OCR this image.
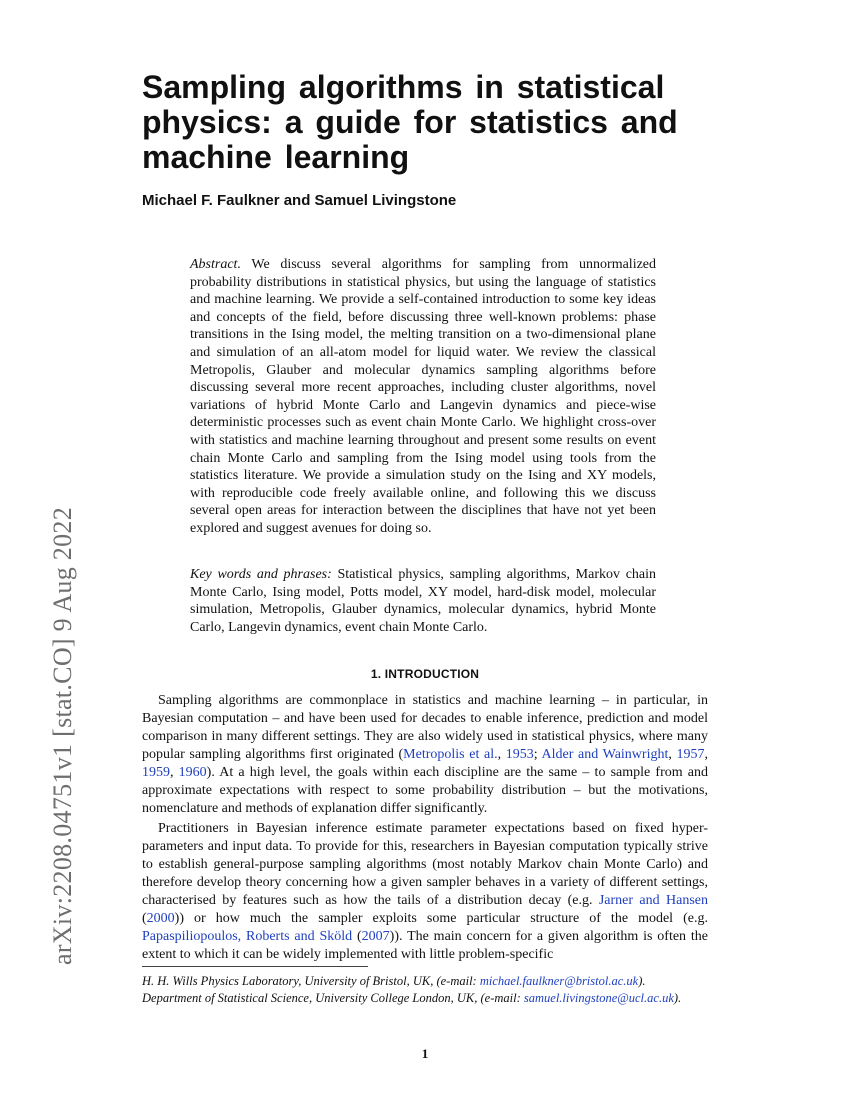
arXiv:2208.04751v1 [stat.CO] 9 Aug 2022
Sampling algorithms in statistical physics: a guide for statistics and machine learning

Michael F. Faulkner and Samuel Livingstone

Abstract. We discuss several algorithms for sampling from unnormalized probability distributions in statistical physics, but using the language of statistics and machine learning. We provide a self-contained introduction to some key ideas and concepts of the field, before discussing three well-known problems: phase transitions in the Ising model, the melting transition on a two-dimensional plane and simulation of an all-atom model for liquid water. We review the classical Metropolis, Glauber and molecular dynamics sampling algorithms before discussing several more recent approaches, including cluster algorithms, novel variations of hybrid Monte Carlo and Langevin dynamics and piece-wise deterministic processes such as event chain Monte Carlo. We highlight cross-over with statistics and machine learning throughout and present some results on event chain Monte Carlo and sampling from the Ising model using tools from the statistics literature. We provide a simulation study on the Ising and XY models, with reproducible code freely available online, and following this we discuss several open areas for interaction between the disciplines that have not yet been explored and suggest avenues for doing so.

Key words and phrases: Statistical physics, sampling algorithms, Markov chain Monte Carlo, Ising model, Potts model, XY model, hard-disk model, molecular simulation, Metropolis, Glauber dynamics, molecular dynamics, hybrid Monte Carlo, Langevin dynamics, event chain Monte Carlo.

1. INTRODUCTION

Sampling algorithms are commonplace in statistics and machine learning – in particular, in Bayesian computation – and have been used for decades to enable inference, prediction and model comparison in many different settings. They are also widely used in statistical physics, where many popular sampling algorithms first originated (Metropolis et al., 1953; Alder and Wainwright, 1957, 1959, 1960). At a high level, the goals within each discipline are the same – to sample from and approximate expectations with respect to some probability distribution – but the motivations, nomenclature and methods of explanation differ significantly.

Practitioners in Bayesian inference estimate parameter expectations based on fixed hyper-parameters and input data. To provide for this, researchers in Bayesian computation typically strive to establish general-purpose sampling algorithms (most notably Markov chain Monte Carlo) and therefore develop theory concerning how a given sampler behaves in a variety of different settings, characterised by features such as how the tails of a distribution decay (e.g. Jarner and Hansen (2000)) or how much the sampler exploits some particular structure of the model (e.g. Papaspiliopoulos, Roberts and Sköld (2007)). The main concern for a given algorithm is often the extent to which it can be widely implemented with little problem-specific

H. H. Wills Physics Laboratory, University of Bristol, UK, (e-mail: michael.faulkner@bristol.ac.uk).
Department of Statistical Science, University College London, UK, (e-mail: samuel.livingstone@ucl.ac.uk).
1
